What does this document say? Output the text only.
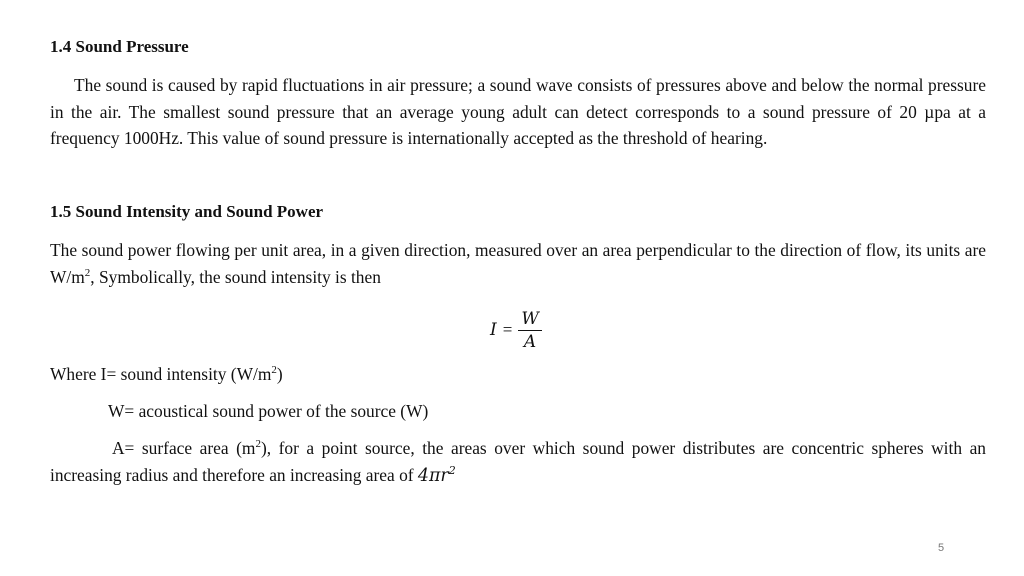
1.4 Sound Pressure

The sound is caused by rapid fluctuations in air pressure; a sound wave consists of pressures above and below the normal pressure in the air. The smallest sound pressure that an average young adult can detect corresponds to a sound pressure of 20 µpa at a frequency 1000Hz. This value of sound pressure is internationally accepted as the threshold of hearing.

1.5 Sound Intensity and Sound Power

The sound power flowing per unit area, in a given direction, measured over an area perpendicular to the direction of flow, its units are $W/m^2$, Symbolically, the sound intensity is then

$I = \frac{W}{A}$

Where I= sound intensity $(W/m^2)$

W= acoustical sound power of the source (W)

A= surface area $(m^2)$, for a point source, the areas over which sound power distributes are concentric spheres with an increasing radius and therefore an increasing area of $4\pi r^2$

5
